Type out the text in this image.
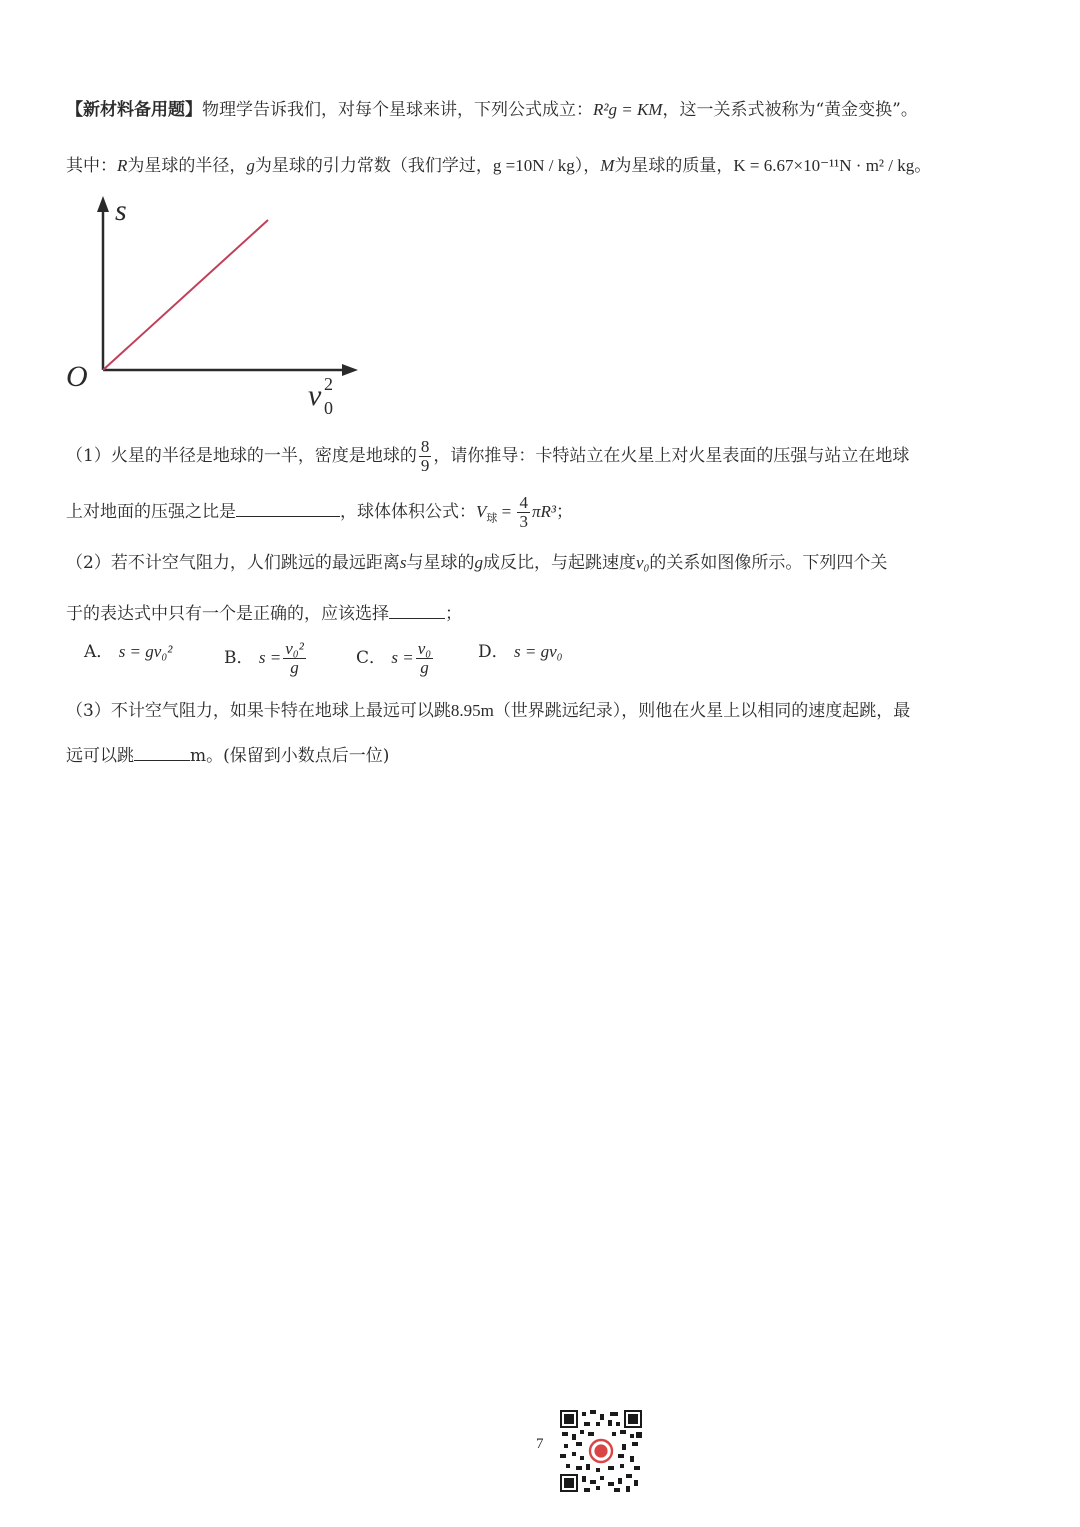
【新材料备用题】物理学告诉我们，对每个星球来讲，下列公式成立：R²g = KM，这一关系式被称为“黄金变换”。
其中：R为星球的半径，g为星球的引力常数（我们学过，g =10N / kg），M为星球的质量，K = 6.67×10⁻¹¹N · m² / kg。
s
O
v 2
0
（1）火星的半径是地球的一半，密度是地球的 $\frac{8}{9}$ ，请你推导：卡特站立在火星上对火星表面的压强与站立在地球
上对地面的压强之比是	，球体体积公式：$V_球 = \frac{4}{3} \pi R^3$；
（2）若不计空气阻力，人们跳远的最远距离s与星球的g成反比，与起跳速度v₀的关系如图像所示。下列四个关
于的表达式中只有一个是正确的，应该选择	；
A． s = gv₀²	B． $s = \frac{\text{v₀²}}{g}$	C． $s = \frac{\text{v₀}}{g}$	D． s = gv₀
（3）不计空气阻力，如果卡特在地球上最远可以跳8.95m（世界跳远纪录），则他在火星上以相同的速度起跳，最
远可以跳	m。(保留到小数点后一位)
7
